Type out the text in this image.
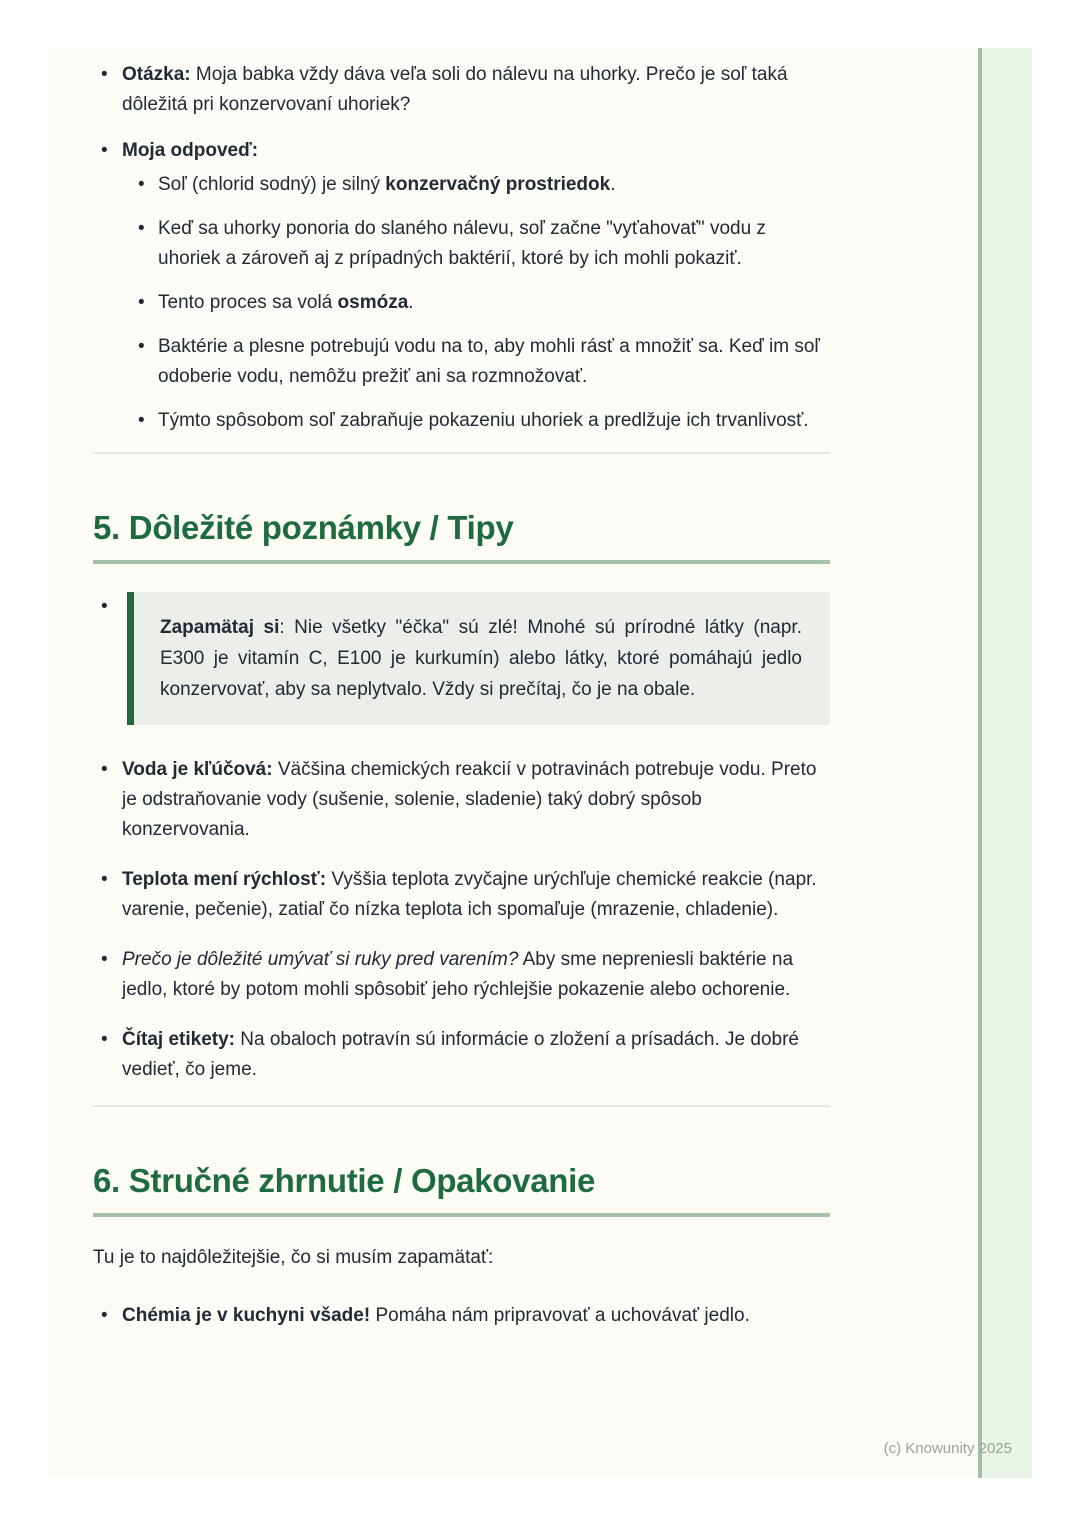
• Otázka: Moja babka vždy dáva veľa soli do nálevu na uhorky. Prečo je soľ taká dôležitá pri konzervovaní uhoriek?
• Moja odpoveď:
• Soľ (chlorid sodný) je silný konzervačný prostriedok.
• Keď sa uhorky ponoria do slaného nálevu, soľ začne "vyťahovať" vodu z uhoriek a zároveň aj z prípadných baktérií, ktoré by ich mohli pokaziť.
• Tento proces sa volá osmóza.
• Baktérie a plesne potrebujú vodu na to, aby mohli rásť a množiť sa. Keď im soľ odoberie vodu, nemôžu prežiť ani sa rozmnožovať.
• Týmto spôsobom soľ zabraňuje pokazeniu uhoriek a predlžuje ich trvanlivosť.
5. Dôležité poznámky / Tipy
• Zapamätaj si: Nie všetky "éčka" sú zlé! Mnohé sú prírodné látky (napr. E300 je vitamín C, E100 je kurkumín) alebo látky, ktoré pomáhajú jedlo konzervovať, aby sa neplytvalo. Vždy si prečítaj, čo je na obale.
• Voda je kľúčová: Väčšina chemických reakcií v potravinách potrebuje vodu. Preto je odstraňovanie vody (sušenie, solenie, sladenie) taký dobrý spôsob konzervovania.
• Teplota mení rýchlosť: Vyššia teplota zvyčajne urýchľuje chemické reakcie (napr. varenie, pečenie), zatiaľ čo nízka teplota ich spomaľuje (mrazenie, chladenie).
• Prečo je dôležité umývať si ruky pred varením? Aby sme nepreniesli baktérie na jedlo, ktoré by potom mohli spôsobiť jeho rýchlejšie pokazenie alebo ochorenie.
• Čítaj etikety: Na obaloch potravín sú informácie o zložení a prísadách. Je dobré vedieť, čo jeme.
6. Stručné zhrnutie / Opakovanie

Tu je to najdôležitejšie, čo si musím zapamätať:

• Chémia je v kuchyni všade! Pomáha nám pripravovať a uchovávať jedlo.
(c) Knowunity 2025
